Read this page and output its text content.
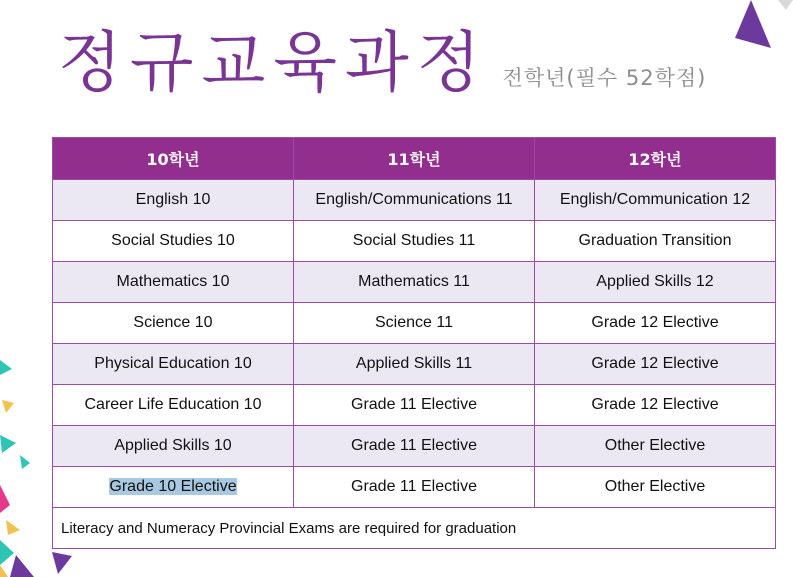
정규교육과정 전학년(필수 52학점)
10학년	11학년	12학년
English 10	English/Communications 11	English/Communication 12
Social Studies 10	Social Studies 11	Graduation Transition
Mathematics 10	Mathematics 11	Applied Skills 12
Science 10	Science 11	Grade 12 Elective
Physical Education 10	Applied Skills 11	Grade 12 Elective
Career Life Education 10	Grade 11 Elective	Grade 12 Elective
Applied Skills 10	Grade 11 Elective	Other Elective
Grade 10 Elective	Grade 11 Elective	Other Elective
Literacy and Numeracy Provincial Exams are required for graduation		
